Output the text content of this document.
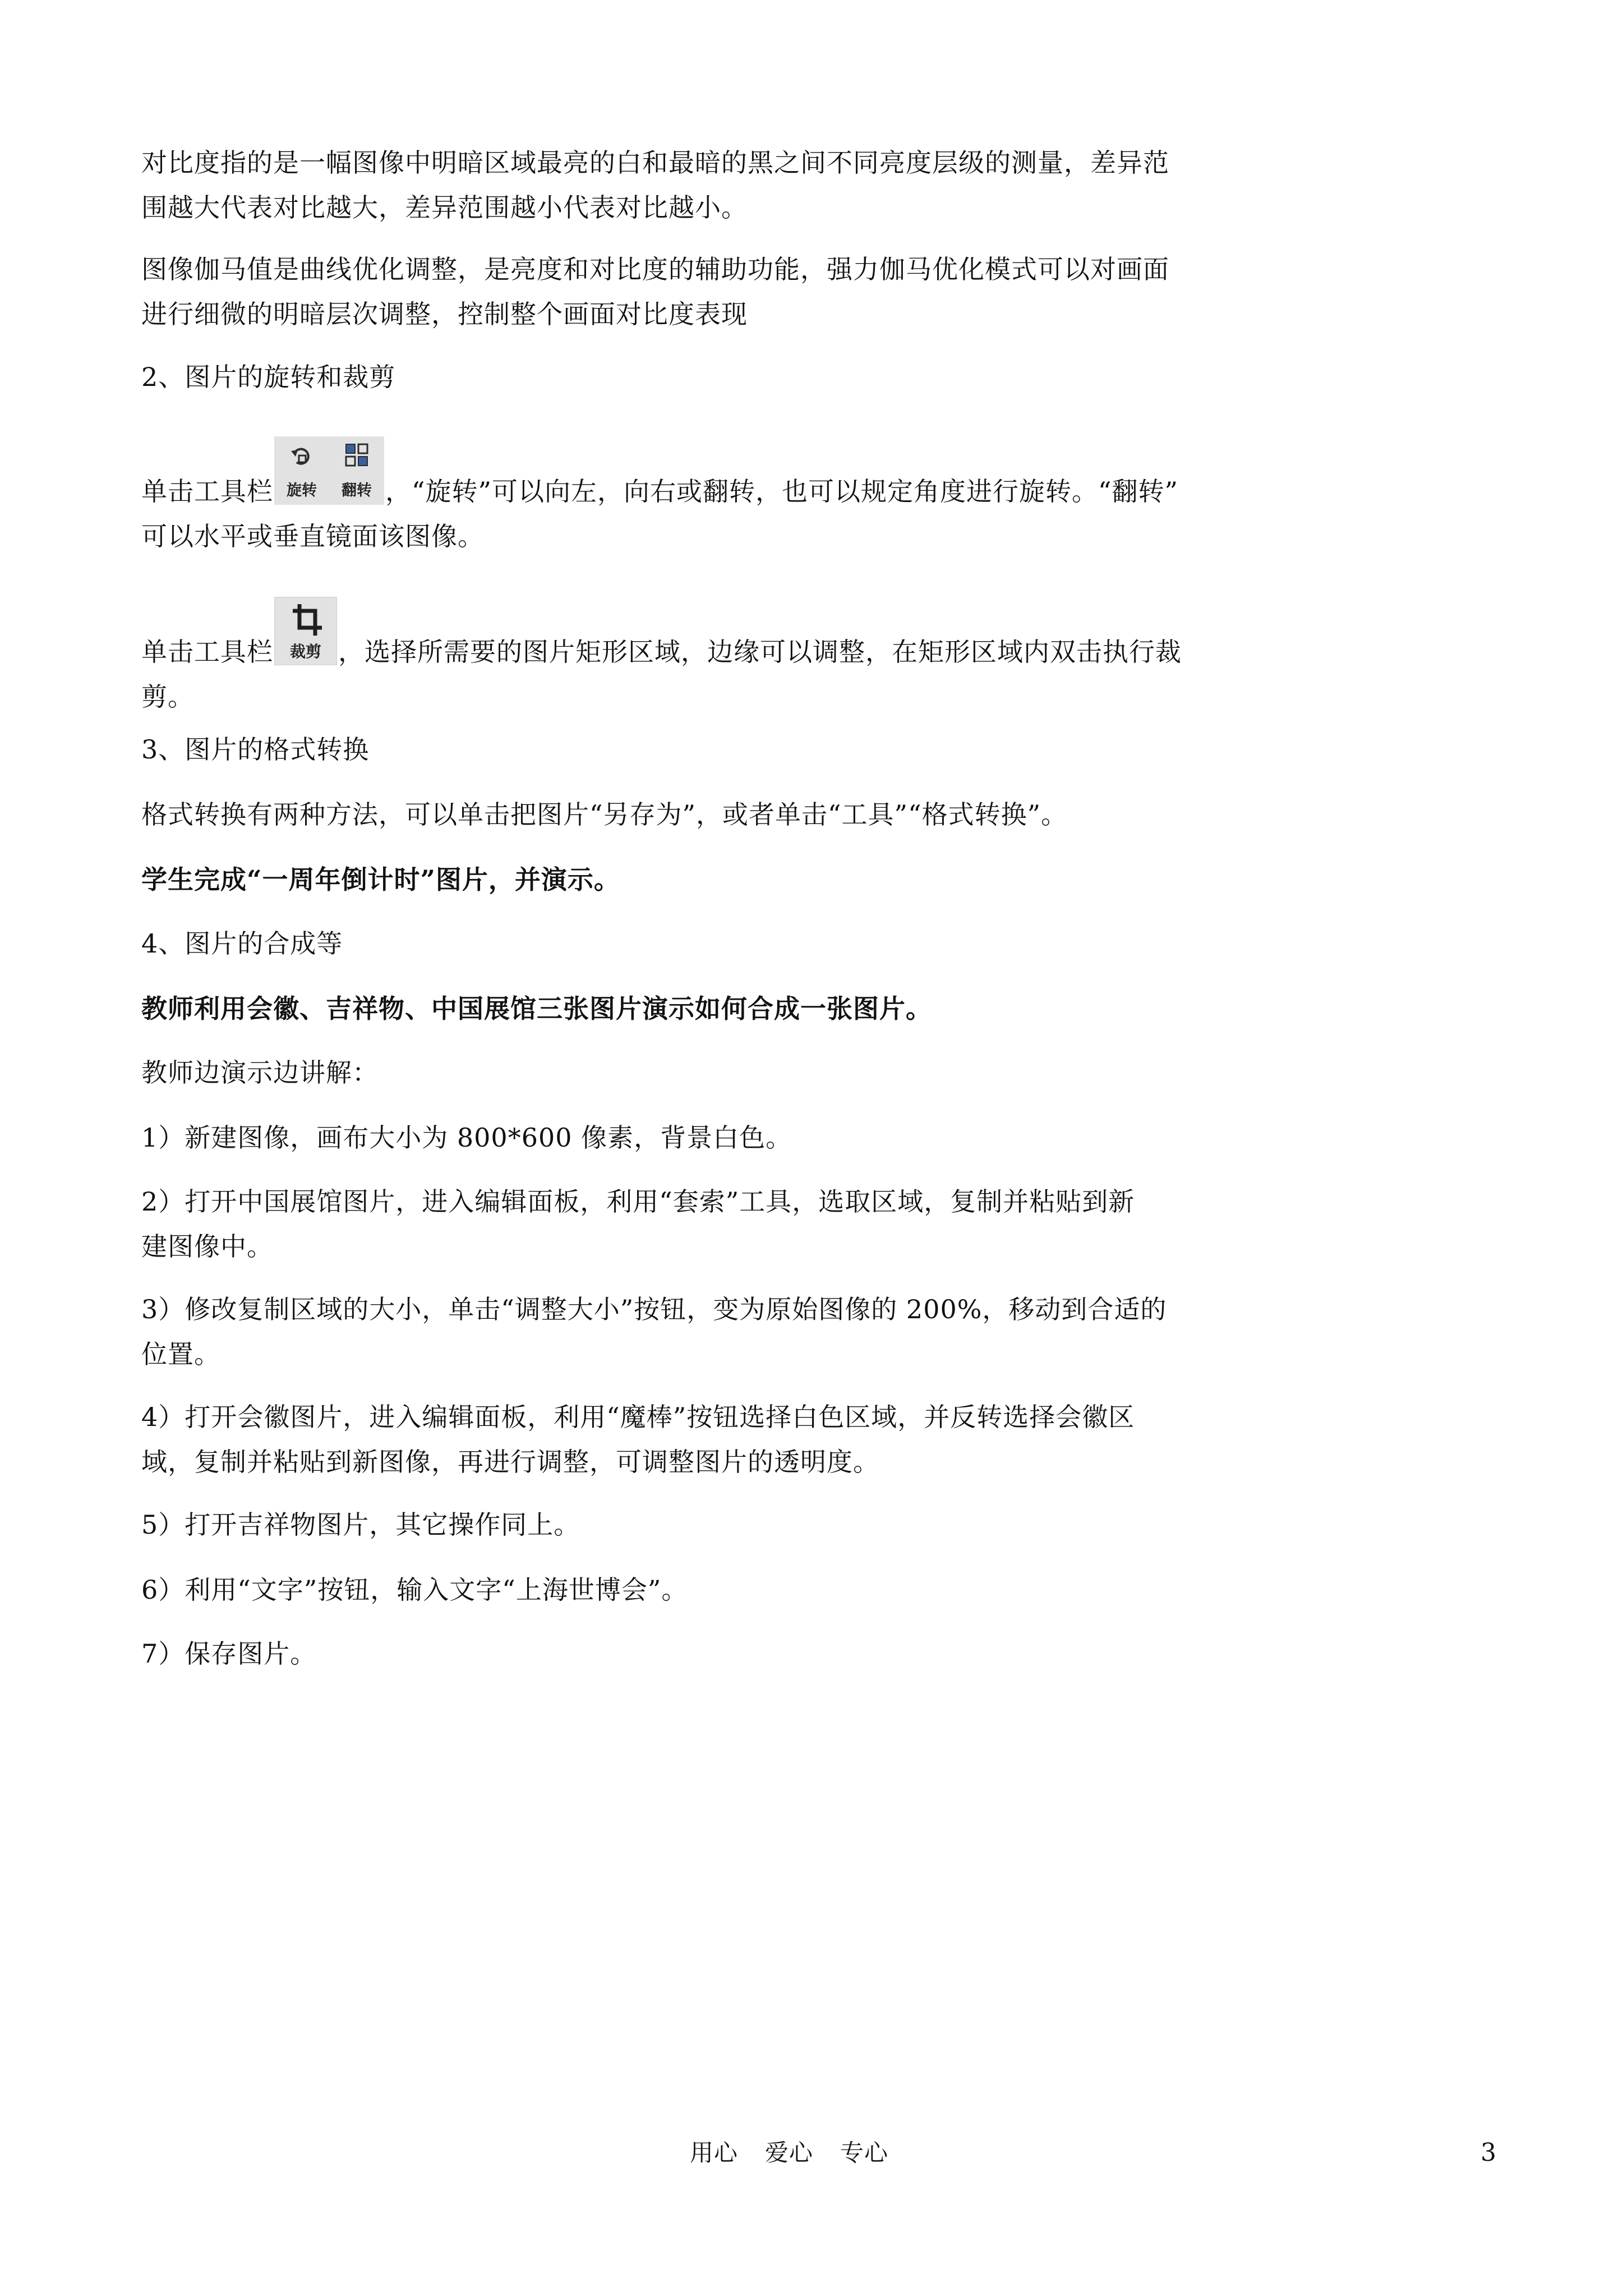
对比度指的是一幅图像中明暗区域最亮的白和最暗的黑之间不同亮度层级的测量，差异范
围越大代表对比越大，差异范围越小代表对比越小。
图像伽马值是曲线优化调整，是亮度和对比度的辅助功能，强力伽马优化模式可以对画面
进行细微的明暗层次调整，控制整个画面对比度表现
2、图片的旋转和裁剪
单击工具栏 旋转	翻转 ，“旋转”可以向左，向右或翻转，也可以规定角度进行旋转。“翻转”
可以水平或垂直镜面该图像。
单击工具栏	裁剪 ，选择所需要的图片矩形区域，边缘可以调整，在矩形区域内双击执行裁
剪。
3、图片的格式转换
格式转换有两种方法，可以单击把图片“另存为”，或者单击“工具”“格式转换”。
学生完成“一周年倒计时”图片，并演示。
4、图片的合成等
教师利用会徽、吉祥物、中国展馆三张图片演示如何合成一张图片。
教师边演示边讲解：
1）新建图像，画布大小为 800*600 像素，背景白色。
2）打开中国展馆图片，进入编辑面板，利用“套索”工具，选取区域，复制并粘贴到新
建图像中。
3）修改复制区域的大小，单击“调整大小”按钮，变为原始图像的 200%，移动到合适的
位置。
4）打开会徽图片，进入编辑面板，利用“魔棒”按钮选择白色区域，并反转选择会徽区
域，复制并粘贴到新图像，再进行调整，可调整图片的透明度。
5）打开吉祥物图片，其它操作同上。
6）利用“文字”按钮，输入文字“上海世博会”。
7）保存图片。
用心 爱心 专心	3
